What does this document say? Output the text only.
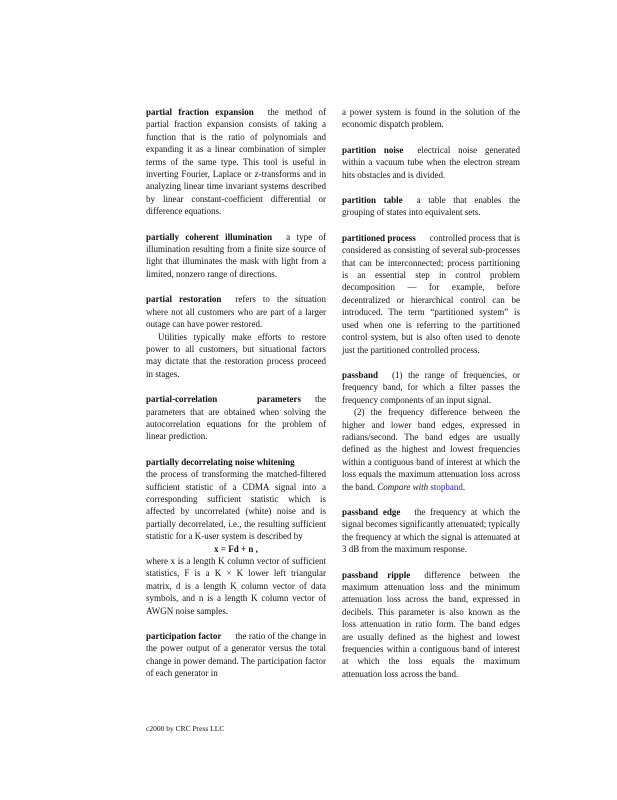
partial fraction expansion the method of partial fraction expansion consists of taking a function that is the ratio of polynomials and expanding it as a linear combination of simpler terms of the same type. This tool is useful in inverting Fourier, Laplace or z-transforms and in analyzing linear time invariant systems described by linear constant-coefficient differential or difference equations.

partially coherent illumination a type of illumination resulting from a finite size source of light that illuminates the mask with light from a limited, nonzero range of directions.

partial restoration refers to the situation where not all customers who are part of a larger outage can have power restored.

Utilities typically make efforts to restore power to all customers, but situational factors may dictate that the restoration process proceed in stages.

partial-correlation parameters the parameters that are obtained when solving the autocorrelation equations for the problem of linear prediction.

partially decorrelating noise whitening
the process of transforming the matched-filtered sufficient statistic of a CDMA signal into a corresponding sufficient statistic which is affected by uncorrelated (white) noise and is partially decorrelated, i.e., the resulting sufficient statistic for a K-user system is described by

x = Fd + n ,

where x is a length K column vector of sufficient statistics, F is a K × K lower left triangular matrix, d is a length K column vector of data symbols, and n is a length K column vector of AWGN noise samples.

participation factor the ratio of the change in the power output of a generator versus the total change in power demand. The participation factor of each generator in

a power system is found in the solution of the economic dispatch problem.

partition noise electrical noise generated within a vacuum tube when the electron stream hits obstacles and is divided.

partition table a table that enables the grouping of states into equivalent sets.

partitioned process controlled process that is considered as consisting of several sub-processes that can be interconnected; process partitioning is an essential step in control problem decomposition — for example, before decentralized or hierarchical control can be introduced. The term “partitioned system” is used when one is referring to the partitioned control system, but is also often used to denote just the partitioned controlled process.

passband (1) the range of frequencies, or frequency band, for which a filter passes the frequency components of an input signal.

(2) the frequency difference between the higher and lower band edges, expressed in radians/second. The band edges are usually defined as the highest and lowest frequencies within a contiguous band of interest at which the loss equals the maximum attenuation loss across the band. Compare with stopband.

passband edge the frequency at which the signal becomes significantly attenuated; typically the frequency at which the signal is attenuated at 3 dB from the maximum response.

passband ripple difference between the maximum attenuation loss and the minimum attenuation loss across the band, expressed in decibels. This parameter is also known as the loss attenuation in ratio form. The band edges are usually defined as the highest and lowest frequencies within a contiguous band of interest at which the loss equals the maximum attenuation loss across the band.

c2000 by CRC Press LLC
